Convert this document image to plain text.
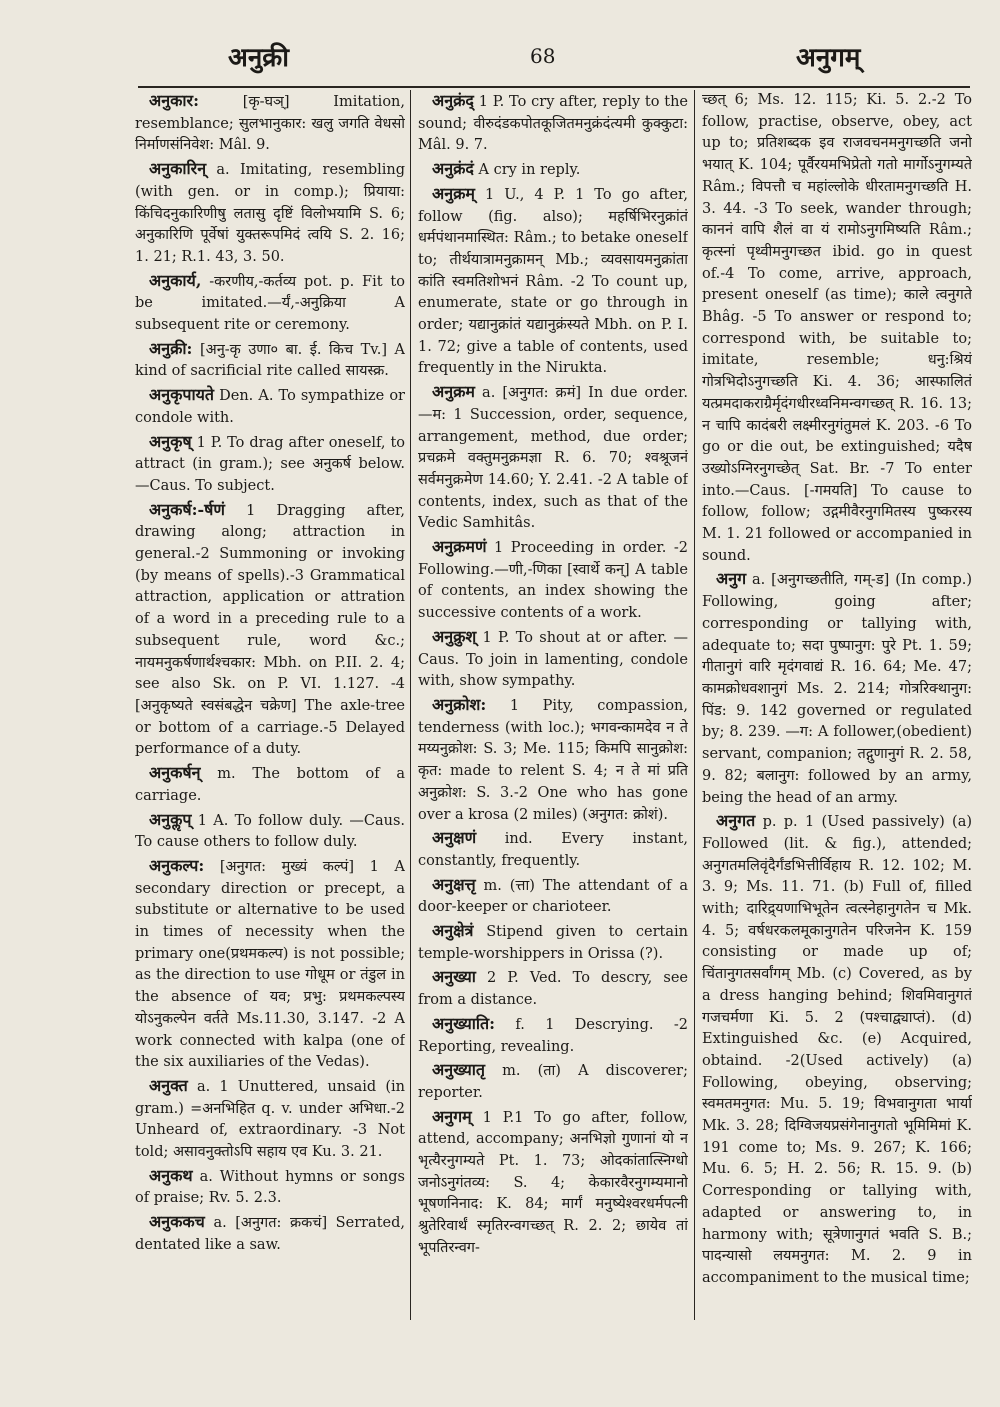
अनुक्री	68	अनुगम्

अनुकार:	[कृ-घञ्] Imitation, resemblance; सुलभानुकार: खलु जगति वेधसो निर्माणसंनिवेश: Mâl. 9.

अनुकारिन् a. Imitating, resembling (with gen. or in comp.); प्रियाया: किंचिदनुकारिणीषु लतासु दृष्टिं विलोभयामि S. 6; अनुकारिणि पूर्वेषां युक्तरूपमिदं त्वयि S. 2. 16; 1. 21; R.1. 43, 3. 50.

अनुकार्य, -करणीय,-कर्तव्य pot. p. Fit to be imitated.—र्यं,-अनुक्रिया A subsequent rite or ceremony.

अनुक्री: [अनु-कृ उणा० बा. ई. किच Tv.] A kind of sacrificial rite called सायस्क्र.

अनुकृपायते Den. A. To sympathize or condole with.

अनुकृष् 1 P. To drag after oneself, to attract (in gram.); see अनुकर्ष below.—Caus. To subject.

अनुकर्ष:-र्षणं 1 Dragging after, drawing along; attraction in general.-2 Summoning or invoking (by means of spells).-3 Grammatical attraction, application or attration of a word in a preceding rule to a subsequent rule, word &c.; नायमनुकर्षणार्थश्चकार: Mbh. on P.II. 2. 4; see also Sk. on P. VI. 1.127. -4 [अनुकृष्यते स्वसंबद्धेन चक्रेण] The axle-tree or bottom of a carriage.-5 Delayed performance of a duty.

अनुकर्षन् m. The bottom of a carriage.

अनुकॢप् 1 A. To follow duly. —Caus. To cause others to follow duly.

अनुकल्प: [अनुगत: मुख्यं कल्पं] 1 A secondary direction or precept, a substitute or alternative to be used in times of necessity when the primary one(प्रथमकल्प) is not possible; as the direction to use गोधूम or तंडुल in the absence of यव; प्रभु: प्रथमकल्पस्य योऽनुकल्पेन वर्तते Ms.11.30, 3.147. -2 A work connected with kalpa (one of the six auxiliaries of the Vedas).

अनुक्त a. 1 Unuttered, unsaid (in gram.) =अनभिहित q. v. under अभिधा.-2 Unheard of, extraordinary. -3 Not told; असावनुक्तोऽपि सहाय एव Ku. 3. 21.

अनुकथ a. Without hymns or songs of praise; Rv. 5. 2.3.

अनुककच a. [अनुगत: क्रकचं] Serrated, dentated like a saw.

अनुक्रंद् 1 P. To cry after, reply to the sound; वीरुदंडकपोतकूजितमनुक्रंदंत्यमी कुक्कुटा: Mâl. 9. 7.

अनुक्रंदं A cry in reply.

अनुक्रम् 1 U., 4 P. 1 To go after, follow (fig. also); महर्षिभिरनुक्रांतं धर्मपंथानमास्थित: Râm.; to betake oneself to; तीर्थयात्रामनुक्रामन् Mb.; व्यवसायमनुक्रांता कांति स्वमतिशोभनं Râm. -2 To count up, enumerate, state or go through in order; यद्यानुक्रांतं यद्यानुक्रंस्यते Mbh. on P. I. 1. 72; give a table of contents, used frequently in the Nirukta.

अनुक्रम a. [अनुगत: क्रमं] In due order. —म: 1 Succession, order, sequence, arrangement, method, due order; प्रचक्रमे वक्तुमनुक्रमज्ञा R. 6. 70; श्वश्रूजनं सर्वमनुक्रमेण 14.60; Y. 2.41. -2 A table of contents, index, such as that of the Vedic Samhitâs.

अनुक्रमणं 1 Proceeding in order. -2 Following.—णी,-णिका [स्वार्थे कन्] A table of contents, an index showing the successive contents of a work.

अनुक्रुश् 1 P. To shout at or after. —Caus. To join in lamenting, condole with, show sympathy.

अनुक्रोश: 1 Pity, compassion, tenderness (with loc.); भगवन्कामदेव न ते मय्यनुक्रोश: S. 3; Me. 115; किमपि सानुक्रोश: कृत: made to relent S. 4; न ते मां प्रति अनुक्रोश: S. 3.-2 One who has gone over a krosa (2 miles) (अनुगत: क्रोशं).

अनुक्षणं ind. Every instant, constantly, frequently.

अनुक्षत्तृ m. (त्ता) The attendant of a door-keeper or charioteer.

अनुक्षेत्रं Stipend given to certain temple-worshippers in Orissa (?).

अनुख्या 2 P. Ved. To descry, see from a distance.

अनुख्याति: f. 1 Descrying. -2 Reporting, revealing.

अनुख्यातृ m. (ता) A discoverer; reporter.

अनुगम् 1 P.1 To go after, follow, attend, accompany; अनभिज्ञो गुणानां यो न भृत्यैरनुगम्यते Pt. 1. 73; ओदकांतात्स्निग्धो जनोऽनुगंतव्य: S. 4; केकारवैरनुगम्यमानो भूषणनिनाद: K. 84; मार्गं मनुष्येश्वरधर्मपत्नी श्रुतेरिवार्थं स्मृतिरन्वगच्छत् R. 2. 2; छायेव तां भूपतिरन्वग-

च्छत् 6; Ms. 12. 115; Ki. 5. 2.-2 To follow, practise, observe, obey, act up to; प्रतिशब्दक इव राजवचनमनुगच्छति जनो भयात् K. 104; पूर्वैरयमभिप्रेतो गतो मार्गोऽनुगम्यते Râm.; विपत्तौ च महांल्लोके धीरतामनुगच्छति H. 3. 44. -3 To seek, wander through; काननं वापि शैलं वा यं रामोऽनुगमिष्यति Râm.; कृत्स्नां पृथ्वीमनुगच्छत ibid. go in quest of.-4 To come, arrive, approach, present oneself (as time); काले त्वनुगते Bhâg. -5 To answer or respond to; correspond with, be suitable to; imitate, resemble; धनु:श्रियं गोत्रभिदोऽनुगच्छति Ki. 4. 36; आस्फालितं यत्प्रमदाकराग्रैर्मृदंगधीरध्वनिमन्वगच्छत् R. 16. 13; न चापि कादंबरी लक्ष्मीरनुगंतुमलं K. 203. -6 To go or die out, be extinguished; यदैष उख्योऽग्निरनुगच्छेत् Sat. Br. -7 To enter into.—Caus. [-गमयति] To cause to follow, follow; उद्गमीवैरनुगमितस्य पुष्करस्य M. 1. 21 followed or accompanied in sound.

अनुग a. [अनुगच्छतीति, गम्-ड] (In comp.) Following, going after; corresponding or tallying with, adequate to; सदा पुष्पानुग: पुरे Pt. 1. 59; गीतानुगं वारि मृदंगवाद्यं R. 16. 64; Me. 47; कामक्रोधवशानुगं Ms. 2. 214; गोत्ररिक्थानुग: पिंड: 9. 142 governed or regulated by; 8. 239. —ग: A follower,(obedient) servant, companion; तद्गुणानुगं R. 2. 58, 9. 82; बलानुग: followed by an army, being the head of an army.

अनुगत p. p. 1 (Used passively) (a) Followed (lit. & fig.), attended; अनुगतमलिवृंदैर्गंडभित्तीर्विहाय R. 12. 102; M. 3. 9; Ms. 11. 71. (b) Full of, filled with; दारिद्र्यणाभिभूतेन त्वत्स्नेहानुगतेन च Mk. 4. 5; वर्षधरकलमूकानुगतेन परिजनेन K. 159 consisting or made up of; चिंतानुगतसर्वांगम् Mb. (c) Covered, as by a dress hanging behind; शिवमिवानुगतं गजचर्मणा Ki. 5. 2 (पश्चाद्व्याप्तं). (d) Extinguished &c. (e) Acquired, obtaind. -2(Used actively) (a) Following, obeying, observing; स्वमतमनुगत: Mu. 5. 19; विभवानुगता भार्या Mk. 3. 28; दिग्विजयप्रसंगेनानुगतो भूमिमिमां K. 191 come to; Ms. 9. 267; K. 166; Mu. 6. 5; H. 2. 56; R. 15. 9. (b) Corresponding or tallying with, adapted or answering to, in harmony with; सूत्रेणानुगतं भवति S. B.; पादन्यासो लयमनुगत: M. 2. 9 in accompaniment to the musical time;
